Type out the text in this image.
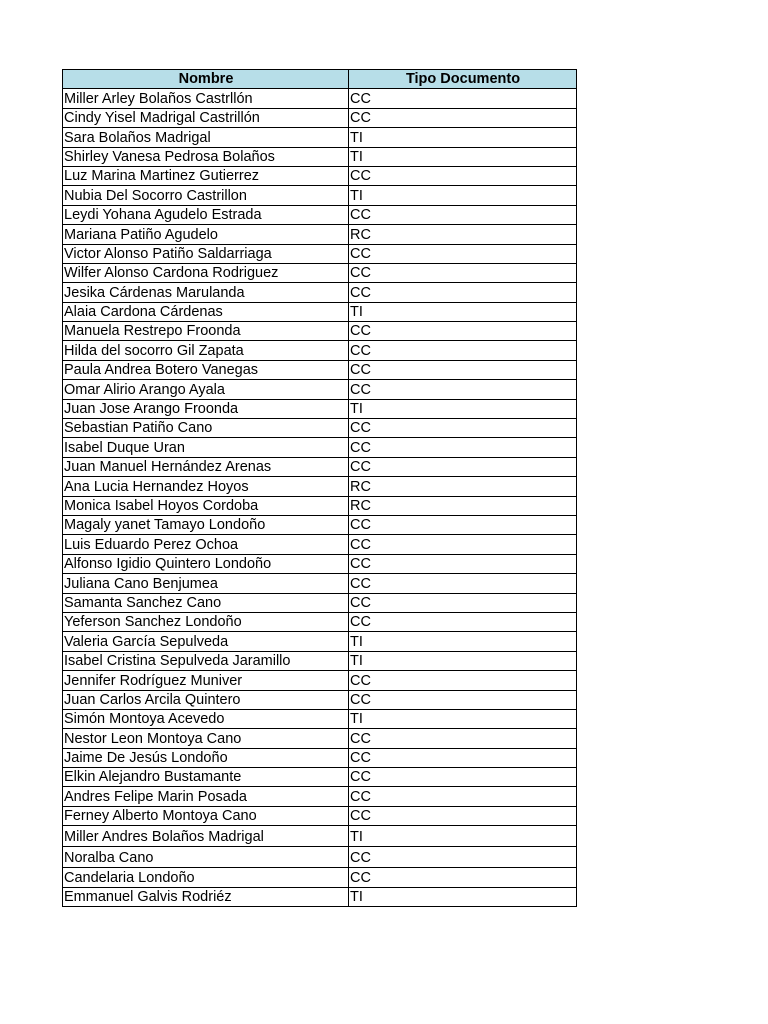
Nombre	Tipo Documento
Miller Arley Bolaños Castrllón	CC
Cindy Yisel Madrigal Castrillón	CC
Sara Bolaños Madrigal	TI
Shirley Vanesa Pedrosa Bolaños	TI
Luz Marina Martinez Gutierrez	CC
Nubia Del Socorro Castrillon	TI
Leydi Yohana Agudelo Estrada	CC
Mariana Patiño Agudelo	RC
Victor Alonso Patiño Saldarriaga	CC
Wilfer Alonso Cardona Rodriguez	CC
Jesika Cárdenas Marulanda	CC
Alaia Cardona Cárdenas	TI
Manuela Restrepo Froonda	CC
Hilda del socorro Gil Zapata	CC
Paula Andrea Botero Vanegas	CC
Omar Alirio Arango Ayala	CC
Juan Jose Arango Froonda	TI
Sebastian Patiño Cano	CC
Isabel Duque Uran	CC
Juan Manuel Hernández Arenas	CC
Ana Lucia Hernandez Hoyos	RC
Monica Isabel Hoyos Cordoba	RC
Magaly yanet Tamayo Londoño	CC
Luis Eduardo Perez Ochoa	CC
Alfonso Igidio Quintero Londoño	CC
Juliana Cano Benjumea	CC
Samanta Sanchez Cano	CC
Yeferson Sanchez Londoño	CC
Valeria García Sepulveda	TI
Isabel Cristina Sepulveda Jaramillo	TI
Jennifer Rodríguez Muniver	CC
Juan Carlos Arcila Quintero	CC
Simón Montoya Acevedo	TI
Nestor Leon Montoya Cano	CC
Jaime De Jesús Londoño	CC
Elkin Alejandro Bustamante	CC
Andres Felipe Marin Posada	CC
Ferney Alberto Montoya Cano	CC
Miller Andres Bolaños Madrigal	TI
Noralba Cano	CC
Candelaria Londoño	CC
Emmanuel Galvis Rodriéz	TI
